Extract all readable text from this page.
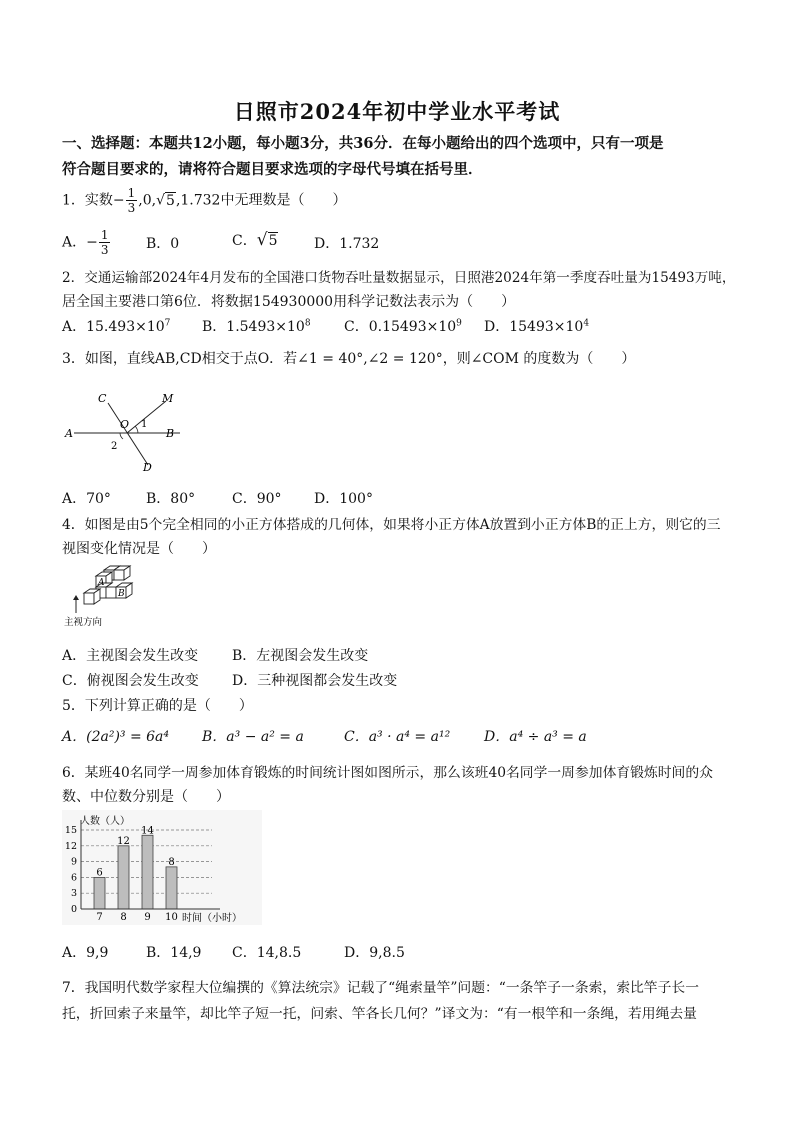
日照市2024年初中学业水平考试
一、选择题：本题共12小题，每小题3分，共36分．在每小题给出的四个选项中，只有一项是
符合题目要求的，请将符合题目要求选项的字母代号填在括号里．
1．实数− $\frac{1}{3} ,0,√5,1.732$中无理数是（　　）
A．− $\frac{1}{3}$	B．0	C．√5	D．1.732
2．交通运输部2024年4月发布的全国港口货物吞吐量数据显示，日照港2024年第一季度吞吐量为15493万吨，
居全国主要港口第6位．将数据154930000用科学记数法表示为（　　）
A．$15.493\times 10^7$ B．$1.5493\times 10^8$ C．$0.15493\times 10^9$ D．$15493\times 10^4$
3．如图，直线AB,CD相交于点O．若∠1 = 40°,∠2 = 120°，则∠COM 的度数为（　　）
C	M
A
O 1
B
2
D
A．70°	B．80°	C．90° D．100°
4．如图是由5个完全相同的小正方体搭成的几何体，如果将小正方体A放置到小正方体B的正上方，则它的三
视图变化情况是（　　）
A
B
主视方向
A．主视图会发生改变 B．左视图会发生改变
C．俯视图会发生改变 D．三种视图都会发生改变
5．下列计算正确的是（　　）
A．(2a²)³ = 6a⁴ B．a³ − a² = a	C．a³ · a⁴ = a¹² D．a⁴ ÷ a³ = a
6．某班40名同学一周参加体育锻炼的时间统计图如图所示，那么该班40名同学一周参加体育锻炼时间的众
数、中位数分别是（　　）
人数（人）
时间（小时）
0
3
6
9
12
15
6
7
12
8
14
9
8
10
A．9,9	B．14,9 C．14,8.5	D．9,8.5
7．我国明代数学家程大位编撰的《算法统宗》记载了“绳索量竿”问题：“一条竿子一条索，索比竿子长一
托，折回索子来量竿，却比竿子短一托，问索、竿各长几何？”译文为：“有一根竿和一条绳，若用绳去量
